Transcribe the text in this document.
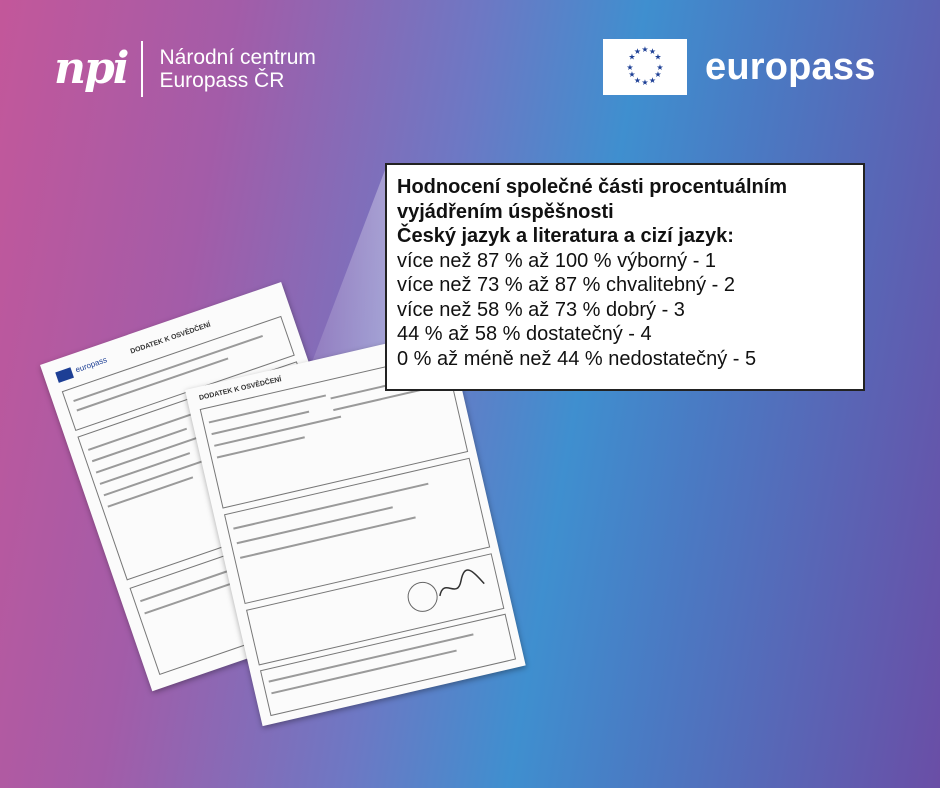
npi Národní centrum
Europass ČR
★ ★
★
★
★
★
★
★
★
★
★
★ europass
europass
DODATEK K OSVĚDČENÍ
DODATEK K OSVĚDČENÍ
Hodnocení společné části procentuálním
vyjádřením úspěšnosti
Český jazyk a literatura a cizí jazyk:
více než 87 % až 100 % výborný - 1
více než 73 % až 87 % chvalitebný - 2
více než 58 % až 73 % dobrý - 3
44 % až 58 % dostatečný - 4
0 % až méně než 44 % nedostatečný - 5
